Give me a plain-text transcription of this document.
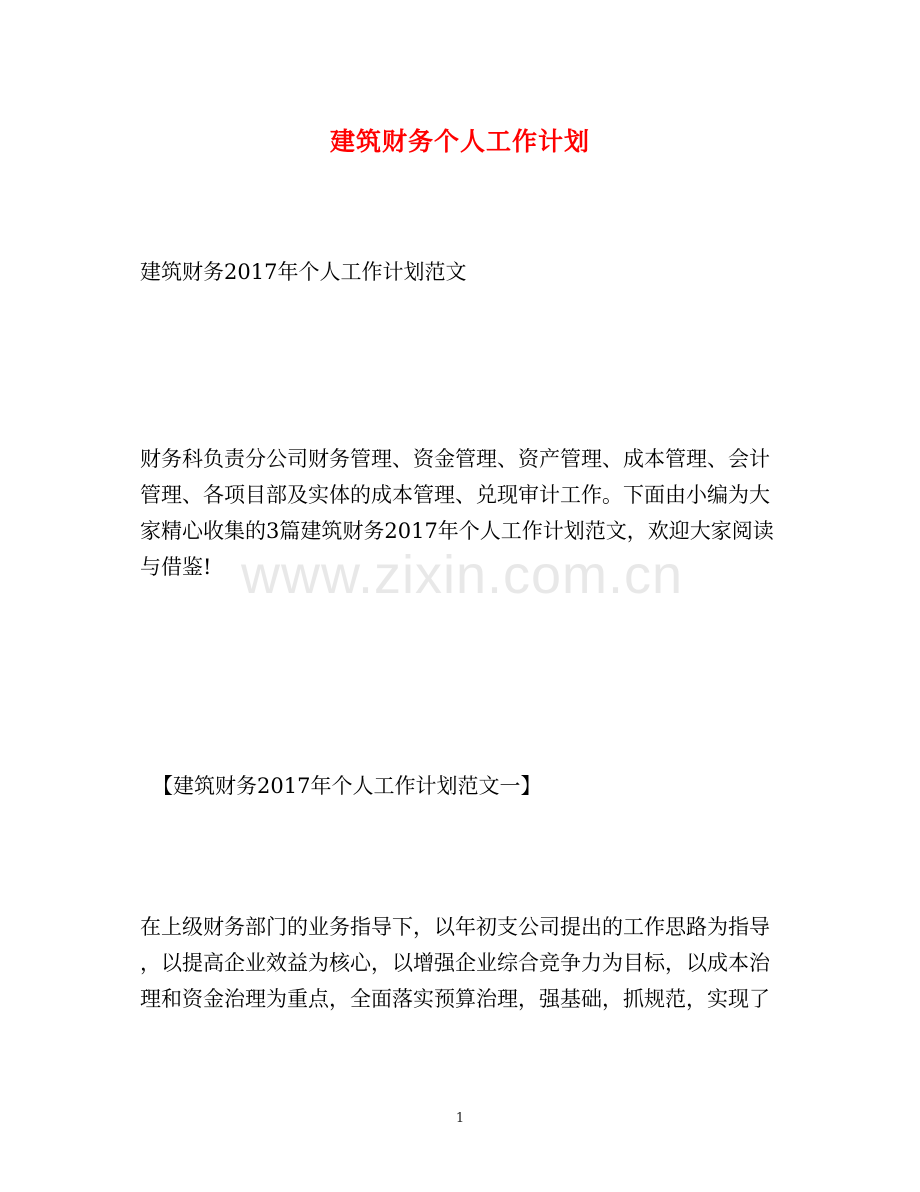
建筑财务个人工作计划
建筑财务2017年个人工作计划范文
财务科负责分公司财务管理、资金管理、资产管理、成本管理、会计
管理、各项目部及实体的成本管理、兑现审计工作。下面由小编为大
家精心收集的3篇建筑财务2017年个人工作计划范文，欢迎大家阅读
与借鉴! www.zixin.com.cn
【建筑财务2017年个人工作计划范文一】
在上级财务部门的业务指导下，以年初支公司提出的工作思路为指导
，以提高企业效益为核心，以增强企业综合竞争力为目标，以成本治
理和资金治理为重点，全面落实预算治理，强基础，抓规范，实现了
1
